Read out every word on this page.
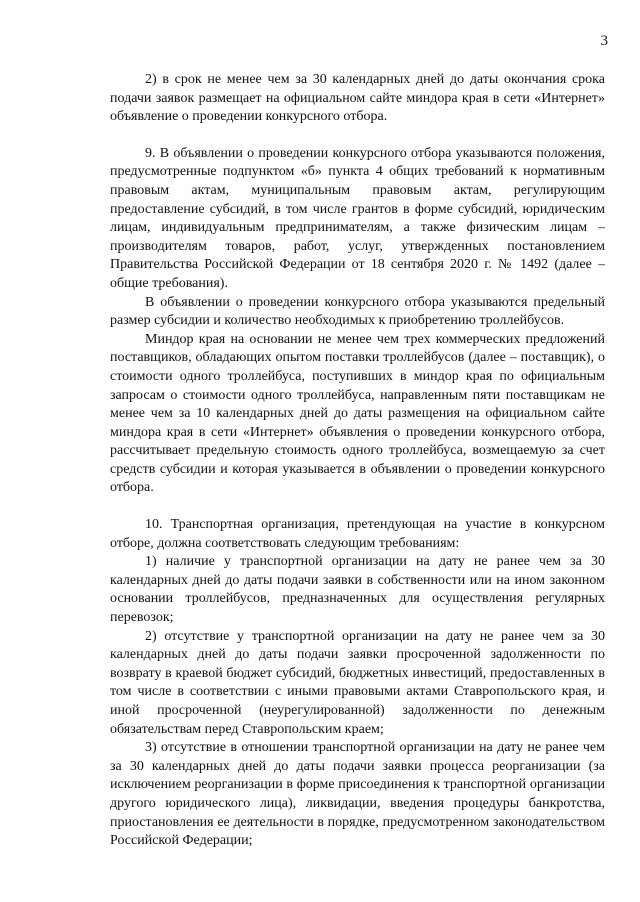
3

2) в срок не менее чем за 30 календарных дней до даты окончания срока подачи заявок размещает на официальном сайте миндора края в сети «Интернет» объявление о проведении конкурсного отбора.

9. В объявлении о проведении конкурсного отбора указываются положения, предусмотренные подпунктом «б» пункта 4 общих требований к нормативным правовым актам, муниципальным правовым актам, регулирующим предоставление субсидий, в том числе грантов в форме субсидий, юридическим лицам, индивидуальным предпринимателям, а также физическим лицам – производителям товаров, работ, услуг, утвержденных постановлением Правительства Российской Федерации от 18 сентября 2020 г. № 1492 (далее – общие требования).

В объявлении о проведении конкурсного отбора указываются предельный размер субсидии и количество необходимых к приобретению троллейбусов.

Миндор края на основании не менее чем трех коммерческих предложений поставщиков, обладающих опытом поставки троллейбусов (далее – поставщик), о стоимости одного троллейбуса, поступивших в миндор края по официальным запросам о стоимости одного троллейбуса, направленным пяти поставщикам не менее чем за 10 календарных дней до даты размещения на официальном сайте миндора края в сети «Интернет» объявления о проведении конкурсного отбора, рассчитывает предельную стоимость одного троллейбуса, возмещаемую за счет средств субсидии и которая указывается в объявлении о проведении конкурсного отбора.

10. Транспортная организация, претендующая на участие в конкурсном отборе, должна соответствовать следующим требованиям:

1) наличие у транспортной организации на дату не ранее чем за 30 календарных дней до даты подачи заявки в собственности или на ином законном основании троллейбусов, предназначенных для осуществления регулярных перевозок;

2) отсутствие у транспортной организации на дату не ранее чем за 30 календарных дней до даты подачи заявки просроченной задолженности по возврату в краевой бюджет субсидий, бюджетных инвестиций, предоставленных в том числе в соответствии с иными правовыми актами Ставропольского края, и иной просроченной (неурегулированной) задолженности по денежным обязательствам перед Ставропольским краем;

3) отсутствие в отношении транспортной организации на дату не ранее чем за 30 календарных дней до даты подачи заявки процесса реорганизации (за исключением реорганизации в форме присоединения к транспортной организации другого юридического лица), ликвидации, введения процедуры банкротства, приостановления ее деятельности в порядке, предусмотренном законодательством Российской Федерации;
